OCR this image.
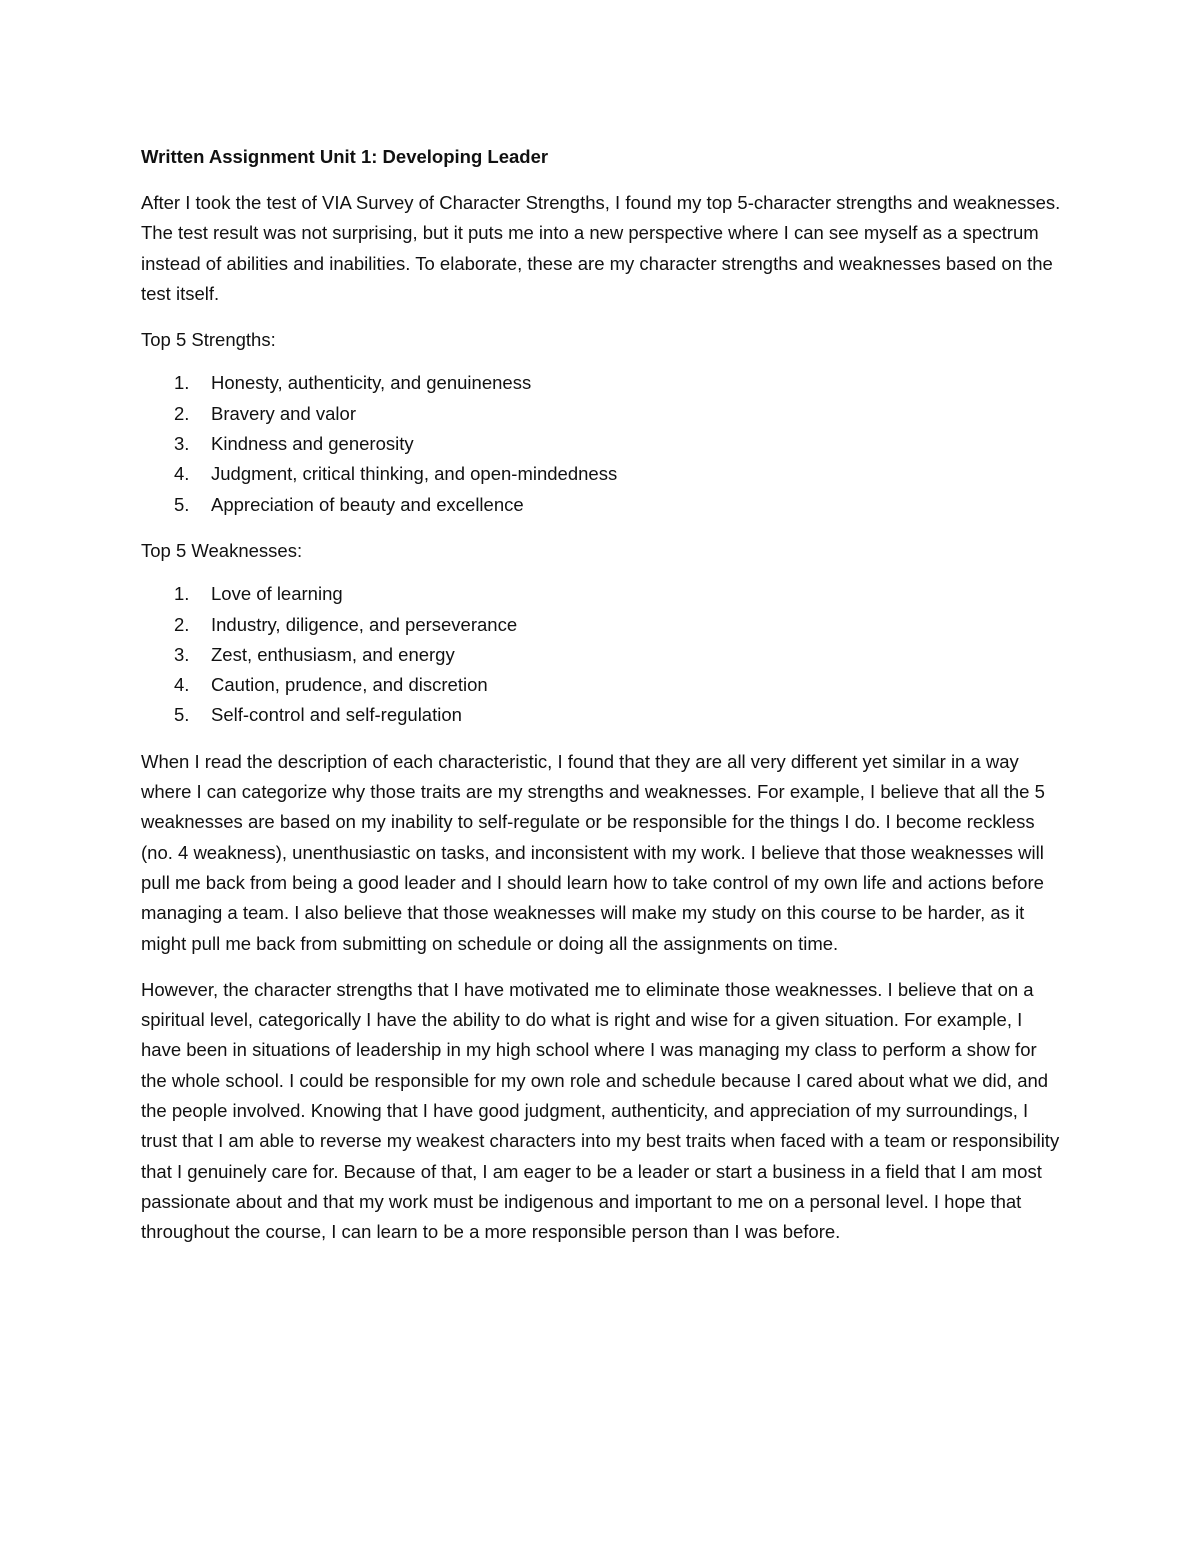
Written Assignment Unit 1: Developing Leader

After I took the test of VIA Survey of Character Strengths, I found my top 5-character strengths and weaknesses. The test result was not surprising, but it puts me into a new perspective where I can see myself as a spectrum instead of abilities and inabilities. To elaborate, these are my character strengths and weaknesses based on the test itself.

Top 5 Strengths:

1. Honesty, authenticity, and genuineness
2. Bravery and valor
3. Kindness and generosity
4. Judgment, critical thinking, and open-mindedness
5. Appreciation of beauty and excellence

Top 5 Weaknesses:

1. Love of learning
2. Industry, diligence, and perseverance
3. Zest, enthusiasm, and energy
4. Caution, prudence, and discretion
5. Self-control and self-regulation

When I read the description of each characteristic, I found that they are all very different yet similar in a way where I can categorize why those traits are my strengths and weaknesses. For example, I believe that all the 5 weaknesses are based on my inability to self-regulate or be responsible for the things I do. I become reckless (no. 4 weakness), unenthusiastic on tasks, and inconsistent with my work. I believe that those weaknesses will pull me back from being a good leader and I should learn how to take control of my own life and actions before managing a team. I also believe that those weaknesses will make my study on this course to be harder, as it might pull me back from submitting on schedule or doing all the assignments on time.

However, the character strengths that I have motivated me to eliminate those weaknesses. I believe that on a spiritual level, categorically I have the ability to do what is right and wise for a given situation. For example, I have been in situations of leadership in my high school where I was managing my class to perform a show for the whole school. I could be responsible for my own role and schedule because I cared about what we did, and the people involved. Knowing that I have good judgment, authenticity, and appreciation of my surroundings, I trust that I am able to reverse my weakest characters into my best traits when faced with a team or responsibility that I genuinely care for. Because of that, I am eager to be a leader or start a business in a field that I am most passionate about and that my work must be indigenous and important to me on a personal level. I hope that throughout the course, I can learn to be a more responsible person than I was before.
